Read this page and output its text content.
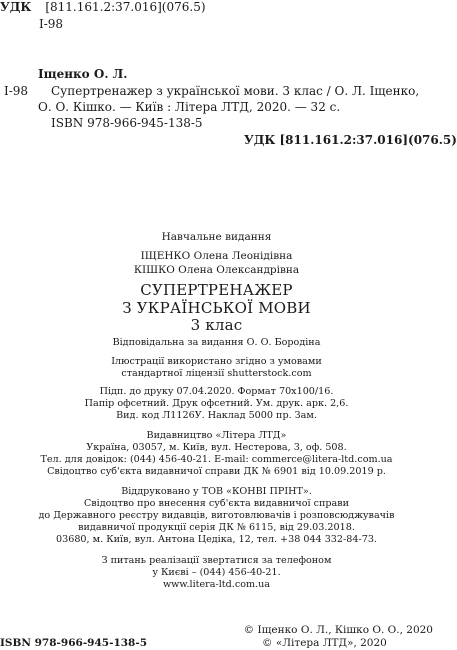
УДК [811.161.2:37.016](076.5)
І-98
І-98
Іщенко О. Л.
Супертренажер з української мови. 3 клас / О. Л. Іщенко,
О. О. Кішко. — Київ : Літера ЛТД, 2020. — 32 с.
ISBN 978-966-945-138-5
УДК [811.161.2:37.016](076.5)
Навчальне видання
ІЩЕНКО Олена Леонідівна
КІШКО Олена Олександрівна
СУПЕРТРЕНАЖЕР
З УКРАЇНСЬКОЇ МОВИ
3 клас
Відповідальна за видання О. О. Бородіна
Ілюстрації використано згідно з умовами
стандартної ліцензії shutterstock.com
Підп. до друку 07.04.2020. Формат 70х100/16.
Папір офсетний. Друк офсетний. Ум. друк. арк. 2,6.
Вид. код Л1126У. Наклад 5000 пр. Зам.
Видавництво «Літера ЛТД»
Україна, 03057, м. Київ, вул. Нестерова, 3, оф. 508.
Тел. для довідок: (044) 456-40-21. E-mail: commerce@litera-ltd.com.ua
Свідоцтво суб'єкта видавничої справи ДК № 6901 від 10.09.2019 р.
Віддруковано у ТОВ «КОНВІ ПРІНТ».
Свідоцтво про внесення суб'єкта видавничої справи
до Державного реєстру видавців, виготовлювачів і розповсюджувачів
видавничої продукції серія ДК № 6115, від 29.03.2018.
03680, м. Київ, вул. Антона Цедіка, 12, тел. +38 044 332-84-73.
З питань реалізації звертатися за телефоном
у Києві – (044) 456-40-21.
www.litera-ltd.com.ua
ISBN 978-966-945-138-5
© Іщенко О. Л., Кішко О. О., 2020
© «Літера ЛТД», 2020
